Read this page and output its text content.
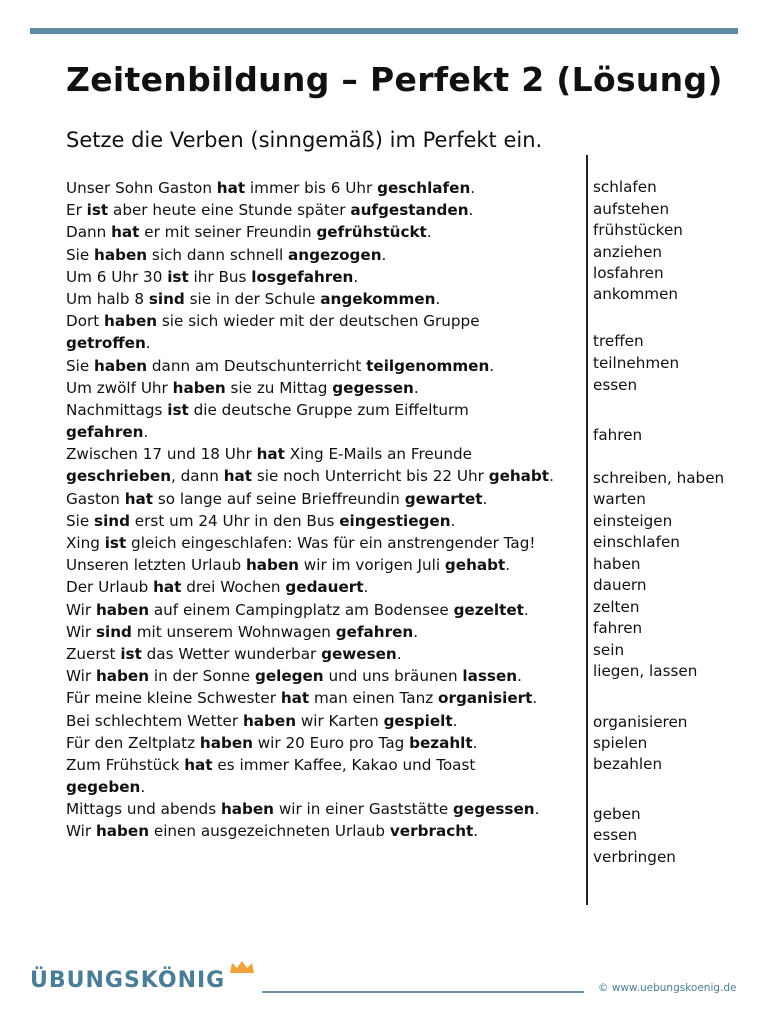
Zeitenbildung – Perfekt 2 (Lösung)
Setze die Verben (sinngemäß) im Perfekt ein.
Unser Sohn Gaston hat immer bis 6 Uhr geschlafen.
Er ist aber heute eine Stunde später aufgestanden.
Dann hat er mit seiner Freundin gefrühstückt.
Sie haben sich dann schnell angezogen.
Um 6 Uhr 30 ist ihr Bus losgefahren.
Um halb 8 sind sie in der Schule angekommen.
Dort haben sie sich wieder mit der deutschen Gruppe
getroffen.
Sie haben dann am Deutschunterricht teilgenommen.
Um zwölf Uhr haben sie zu Mittag gegessen.
Nachmittags ist die deutsche Gruppe zum Eiffelturm
gefahren.
Zwischen 17 und 18 Uhr hat Xing E-Mails an Freunde
geschrieben, dann hat sie noch Unterricht bis 22 Uhr gehabt.
Gaston hat so lange auf seine Brieffreundin gewartet.
Sie sind erst um 24 Uhr in den Bus eingestiegen.
Xing ist gleich eingeschlafen: Was für ein anstrengender Tag!
Unseren letzten Urlaub haben wir im vorigen Juli gehabt.
Der Urlaub hat drei Wochen gedauert.
Wir haben auf einem Campingplatz am Bodensee gezeltet.
Wir sind mit unserem Wohnwagen gefahren.
Zuerst ist das Wetter wunderbar gewesen.
Wir haben in der Sonne gelegen und uns bräunen lassen.
Für meine kleine Schwester hat man einen Tanz organisiert.
Bei schlechtem Wetter haben wir Karten gespielt.
Für den Zeltplatz haben wir 20 Euro pro Tag bezahlt.
Zum Frühstück hat es immer Kaffee, Kakao und Toast
gegeben.
Mittags und abends haben wir in einer Gaststätte gegessen.
Wir haben einen ausgezeichneten Urlaub verbracht.
schlafen
aufstehen
frühstücken
anziehen
losfahren
ankommen
treffen
teilnehmen
essen
fahren
schreiben, haben
warten
einsteigen
einschlafen
haben
dauern
zelten
fahren
sein
liegen, lassen
organisieren
spielen
bezahlen
geben
essen
verbringen
ÜBUNGSKÖNIG	© www.uebungskoenig.de
